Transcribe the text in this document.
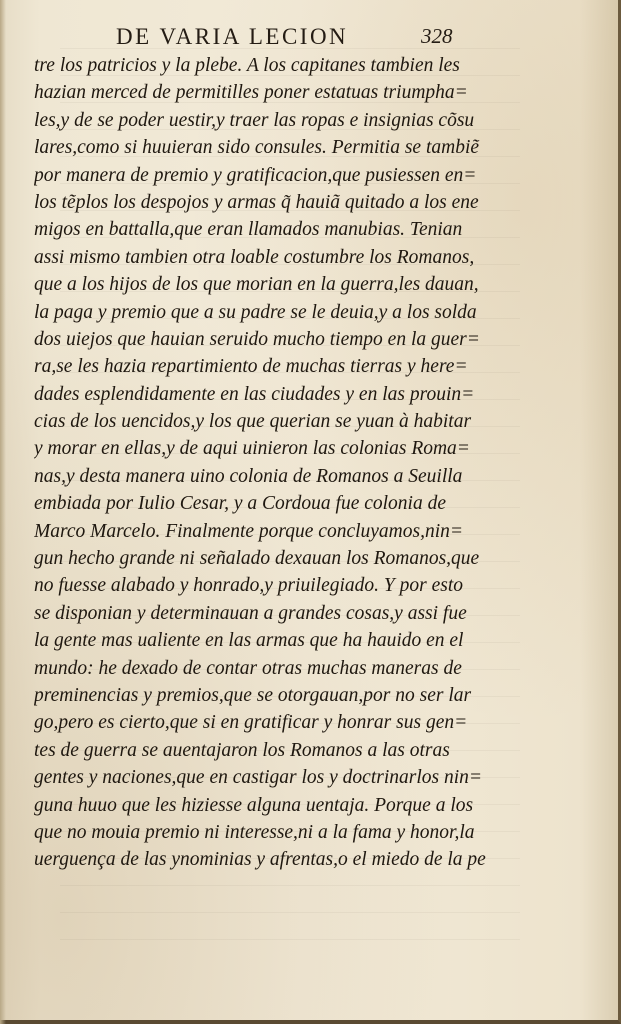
DE VARIA LECION	328
tre los patricios y la plebe. A los capitanes tambien les
hazian merced de permitilles poner estatuas triumpha=
les,y de se poder uestir,y traer las ropas e insignias cõsu
lares,como si huuieran sido consules. Permitia se tambiẽ
por manera de premio y gratificacion,que pusiessen en=
los tẽplos los despojos y armas q̃ hauiã quitado a los ene
migos en battalla,que eran llamados manubias. Tenian
assi mismo tambien otra loable costumbre los Romanos,
que a los hijos de los que morian en la guerra,les dauan,
la paga y premio que a su padre se le deuia,y a los solda
dos uiejos que hauian seruido mucho tiempo en la guer=
ra,se les hazia repartimiento de muchas tierras y here=
dades esplendidamente en las ciudades y en las prouin=
cias de los uencidos,y los que querian se yuan à habitar
y morar en ellas,y de aqui uinieron las colonias Roma=
nas,y desta manera uino colonia de Romanos a Seuilla
embiada por Iulio Cesar, y a Cordoua fue colonia de
Marco Marcelo. Finalmente porque concluyamos,nin=
gun hecho grande ni señalado dexauan los Romanos,que
no fuesse alabado y honrado,y priuilegiado. Y por esto
se disponian y determinauan a grandes cosas,y assi fue
la gente mas ualiente en las armas que ha hauido en el
mundo: he dexado de contar otras muchas maneras de
preminencias y premios,que se otorgauan,por no ser lar
go,pero es cierto,que si en gratificar y honrar sus gen=
tes de guerra se auentajaron los Romanos a las otras
gentes y naciones,que en castigar los y doctrinarlos nin=
guna huuo que les hiziesse alguna uentaja. Porque a los
que no mouia premio ni interesse,ni a la fama y honor,la
uerguença de las ynominias y afrentas,o el miedo de la pe
